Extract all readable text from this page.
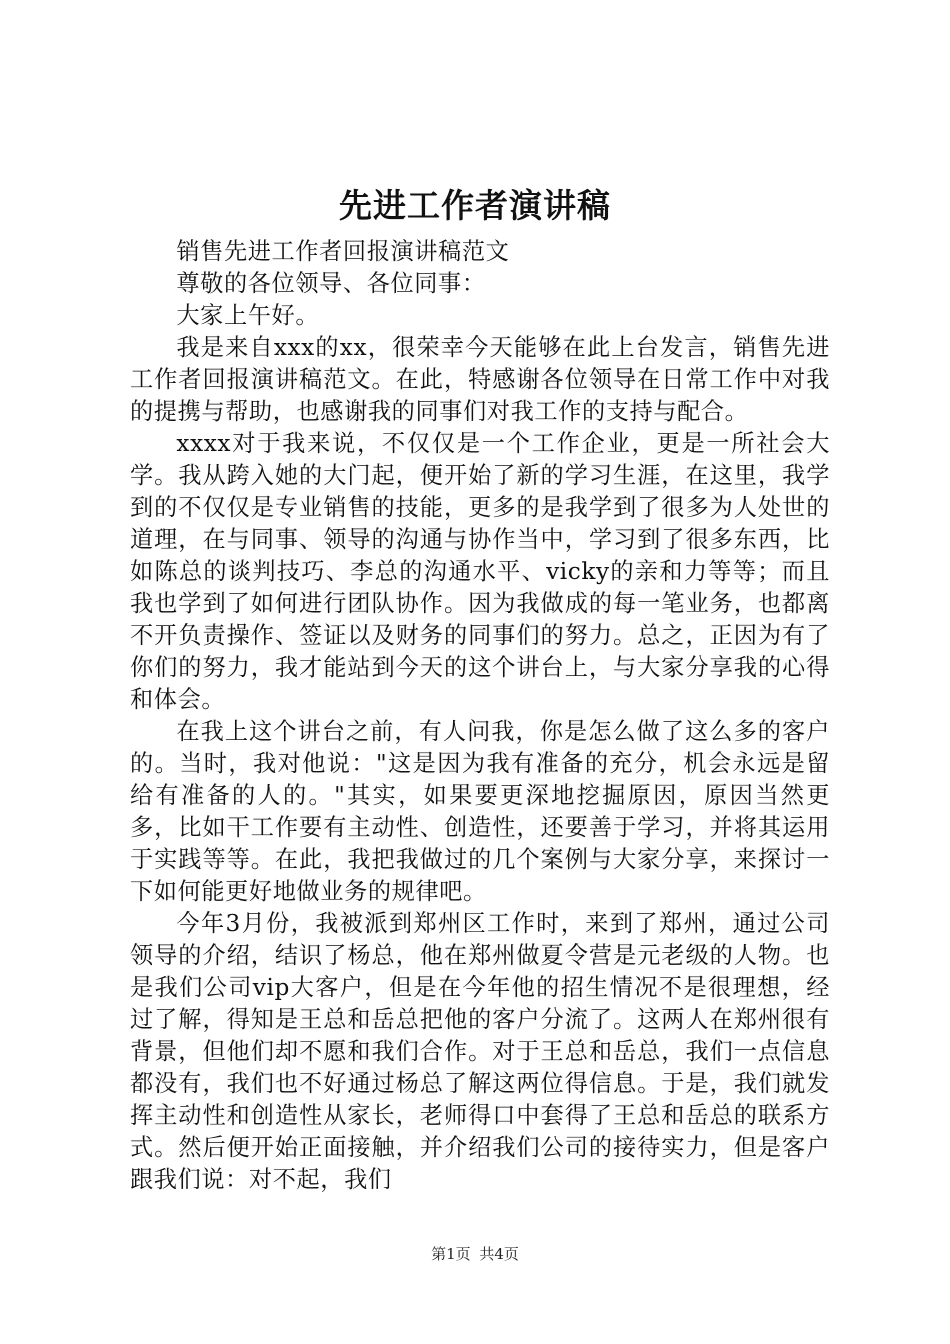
先进工作者演讲稿

销售先进工作者回报演讲稿范文

尊敬的各位领导、各位同事：

大家上午好。

我是来自xxx的xx，很荣幸今天能够在此上台发言，销售先进工作者回报演讲稿范文。在此，特感谢各位领导在日常工作中对我的提携与帮助，也感谢我的同事们对我工作的支持与配合。

xxxx对于我来说，不仅仅是一个工作企业，更是一所社会大学。我从跨入她的大门起，便开始了新的学习生涯，在这里，我学到的不仅仅是专业销售的技能，更多的是我学到了很多为人处世的道理，在与同事、领导的沟通与协作当中，学习到了很多东西，比如陈总的谈判技巧、李总的沟通水平、vicky的亲和力等等；而且我也学到了如何进行团队协作。因为我做成的每一笔业务，也都离不开负责操作、签证以及财务的同事们的努力。总之，正因为有了你们的努力，我才能站到今天的这个讲台上，与大家分享我的心得和体会。

在我上这个讲台之前，有人问我，你是怎么做了这么多的客户的。当时，我对他说："这是因为我有准备的充分，机会永远是留给有准备的人的。"其实，如果要更深地挖掘原因，原因当然更多，比如干工作要有主动性、创造性，还要善于学习，并将其运用于实践等等。在此，我把我做过的几个案例与大家分享，来探讨一下如何能更好地做业务的规律吧。

今年3月份，我被派到郑州区工作时，来到了郑州，通过公司领导的介绍，结识了杨总，他在郑州做夏令营是元老级的人物。也是我们公司vip大客户，但是在今年他的招生情况不是很理想，经过了解，得知是王总和岳总把他的客户分流了。这两人在郑州很有背景，但他们却不愿和我们合作。对于王总和岳总，我们一点信息都没有，我们也不好通过杨总了解这两位得信息。于是，我们就发挥主动性和创造性从家长，老师得口中套得了王总和岳总的联系方式。然后便开始正面接触，并介绍我们公司的接待实力，但是客户跟我们说：对不起，我们

第1页 共4页
